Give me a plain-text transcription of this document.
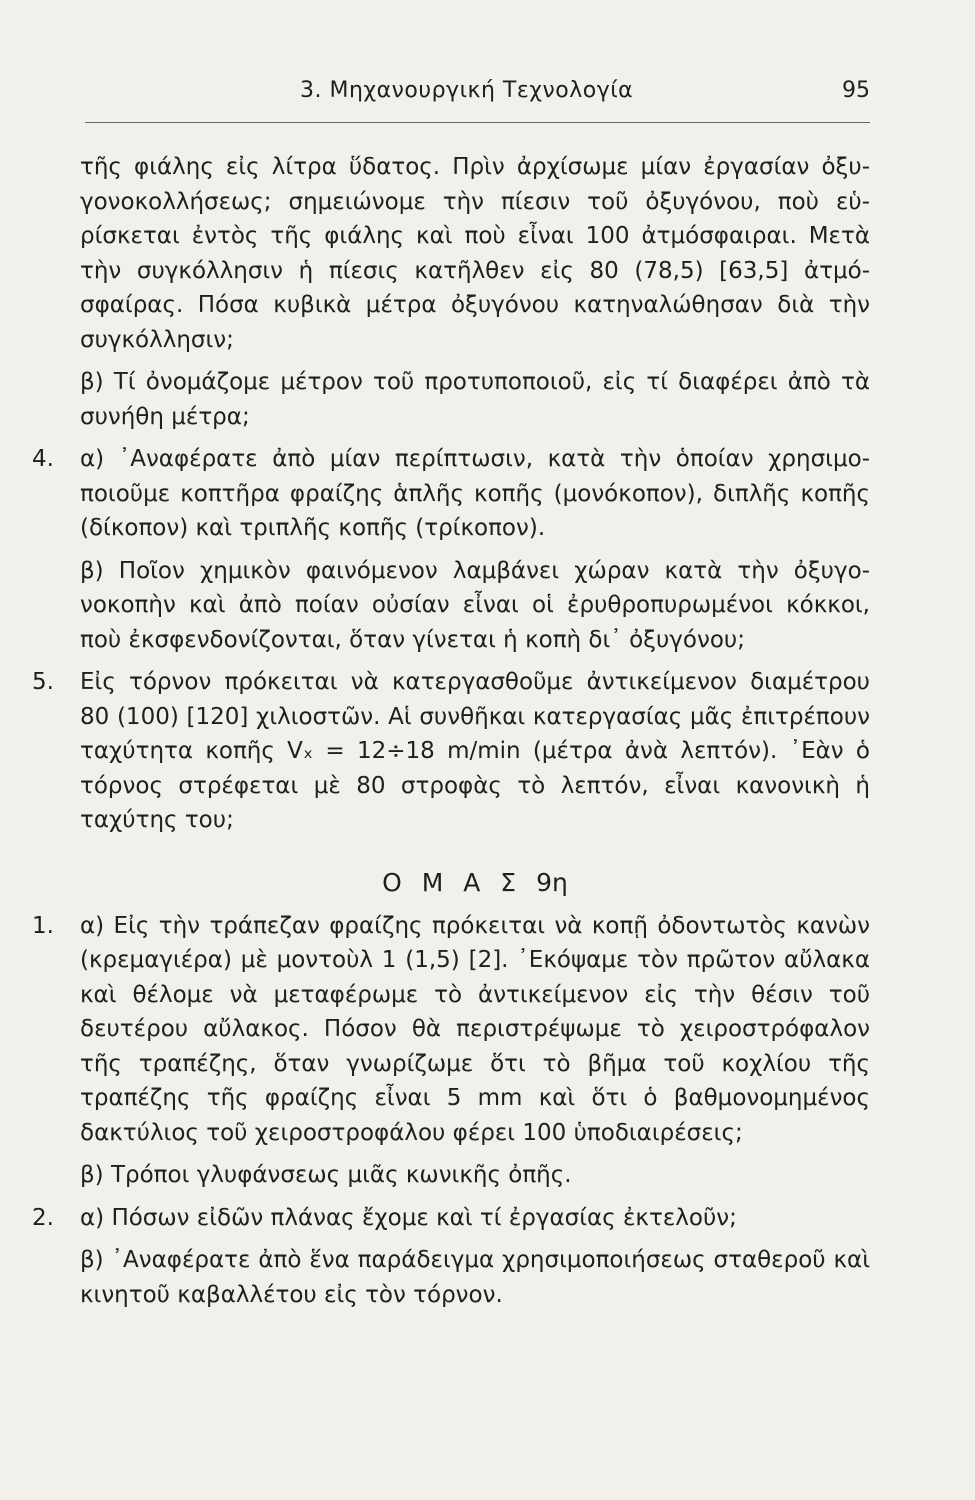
3. Μηχανουργική Τεχνολογία	95

τῆς φιάλης εἰς λίτρα ὕδατος. Πρὶν ἀρχίσωμε μίαν ἐργασίαν ὀξυγονοκολλήσεως; σημειώνομε τὴν πίεσιν τοῦ ὀξυγόνου, ποὺ εὑρίσκεται ἐντὸς τῆς φιάλης καὶ ποὺ εἶναι 100 ἀτμόσφαιραι. Μετὰ τὴν συγκόλλησιν ἡ πίεσις κατῆλθεν εἰς 80 (78,5) [63,5] ἀτμόσφαίρας. Πόσα κυβικὰ μέτρα ὀξυγόνου κατηναλώθησαν διὰ τὴν συγκόλλησιν;

β) Τί ὀνομάζομε μέτρον τοῦ προτυποποιοῦ, εἰς τί διαφέρει ἀπὸ τὰ συνήθη μέτρα;

4. α) ᾿Αναφέρατε ἀπὸ μίαν περίπτωσιν, κατὰ τὴν ὁποίαν χρησιμοποιοῦμε κοπτῆρα φραίζης ἁπλῆς κοπῆς (μονόκοπον), διπλῆς κοπῆς (δίκοπον) καὶ τριπλῆς κοπῆς (τρίκοπον).

β) Ποῖον χημικὸν φαινόμενον λαμβάνει χώραν κατὰ τὴν ὀξυγονοκοπὴν καὶ ἀπὸ ποίαν οὐσίαν εἶναι οἱ ἐρυθροπυρωμένοι κόκκοι, ποὺ ἐκσφενδονίζονται, ὅταν γίνεται ἡ κοπὴ δι᾿ ὀξυγόνου;

5. Εἰς τόρνον πρόκειται νὰ κατεργασθοῦμε ἀντικείμενον διαμέτρου 80 (100) [120] χιλιοστῶν. Αἱ συνθῆκαι κατεργασίας μᾶς ἐπιτρέπουν ταχύτητα κοπῆς Vₓ = 12÷18 m/min (μέτρα ἀνὰ λεπτόν). ᾿Εὰν ὁ τόρνος στρέφεται μὲ 80 στροφὰς τὸ λεπτόν, εἶναι κανονικὴ ἡ ταχύτης του;

Ο Μ Α Σ 9η
1. α) Εἰς τὴν τράπεζαν φραίζης πρόκειται νὰ κοπῇ ὀδοντωτὸς κανὼν (κρεμαγιέρα) μὲ μοντοὺλ 1 (1,5) [2]. ᾿Εκόψαμε τὸν πρῶτον αὔλακα καὶ θέλομε νὰ μεταφέρωμε τὸ ἀντικείμενον εἰς τὴν θέσιν τοῦ δευτέρου αὔλακος. Πόσον θὰ περιστρέψωμε τὸ χειροστρόφαλον τῆς τραπέζης, ὅταν γνωρίζωμε ὅτι τὸ βῆμα τοῦ κοχλίου τῆς τραπέζης τῆς φραίζης εἶναι 5 mm καὶ ὅτι ὁ βαθμονομημένος δακτύλιος τοῦ χειροστροφάλου φέρει 100 ὑποδιαιρέσεις;

β) Τρόποι γλυφάνσεως μιᾶς κωνικῆς ὀπῆς.

2. α) Πόσων εἰδῶν πλάνας ἔχομε καὶ τί ἐργασίας ἐκτελοῦν;

β) ᾿Αναφέρατε ἀπὸ ἕνα παράδειγμα χρησιμοποιήσεως σταθεροῦ καὶ κινητοῦ καβαλλέτου εἰς τὸν τόρνον.
